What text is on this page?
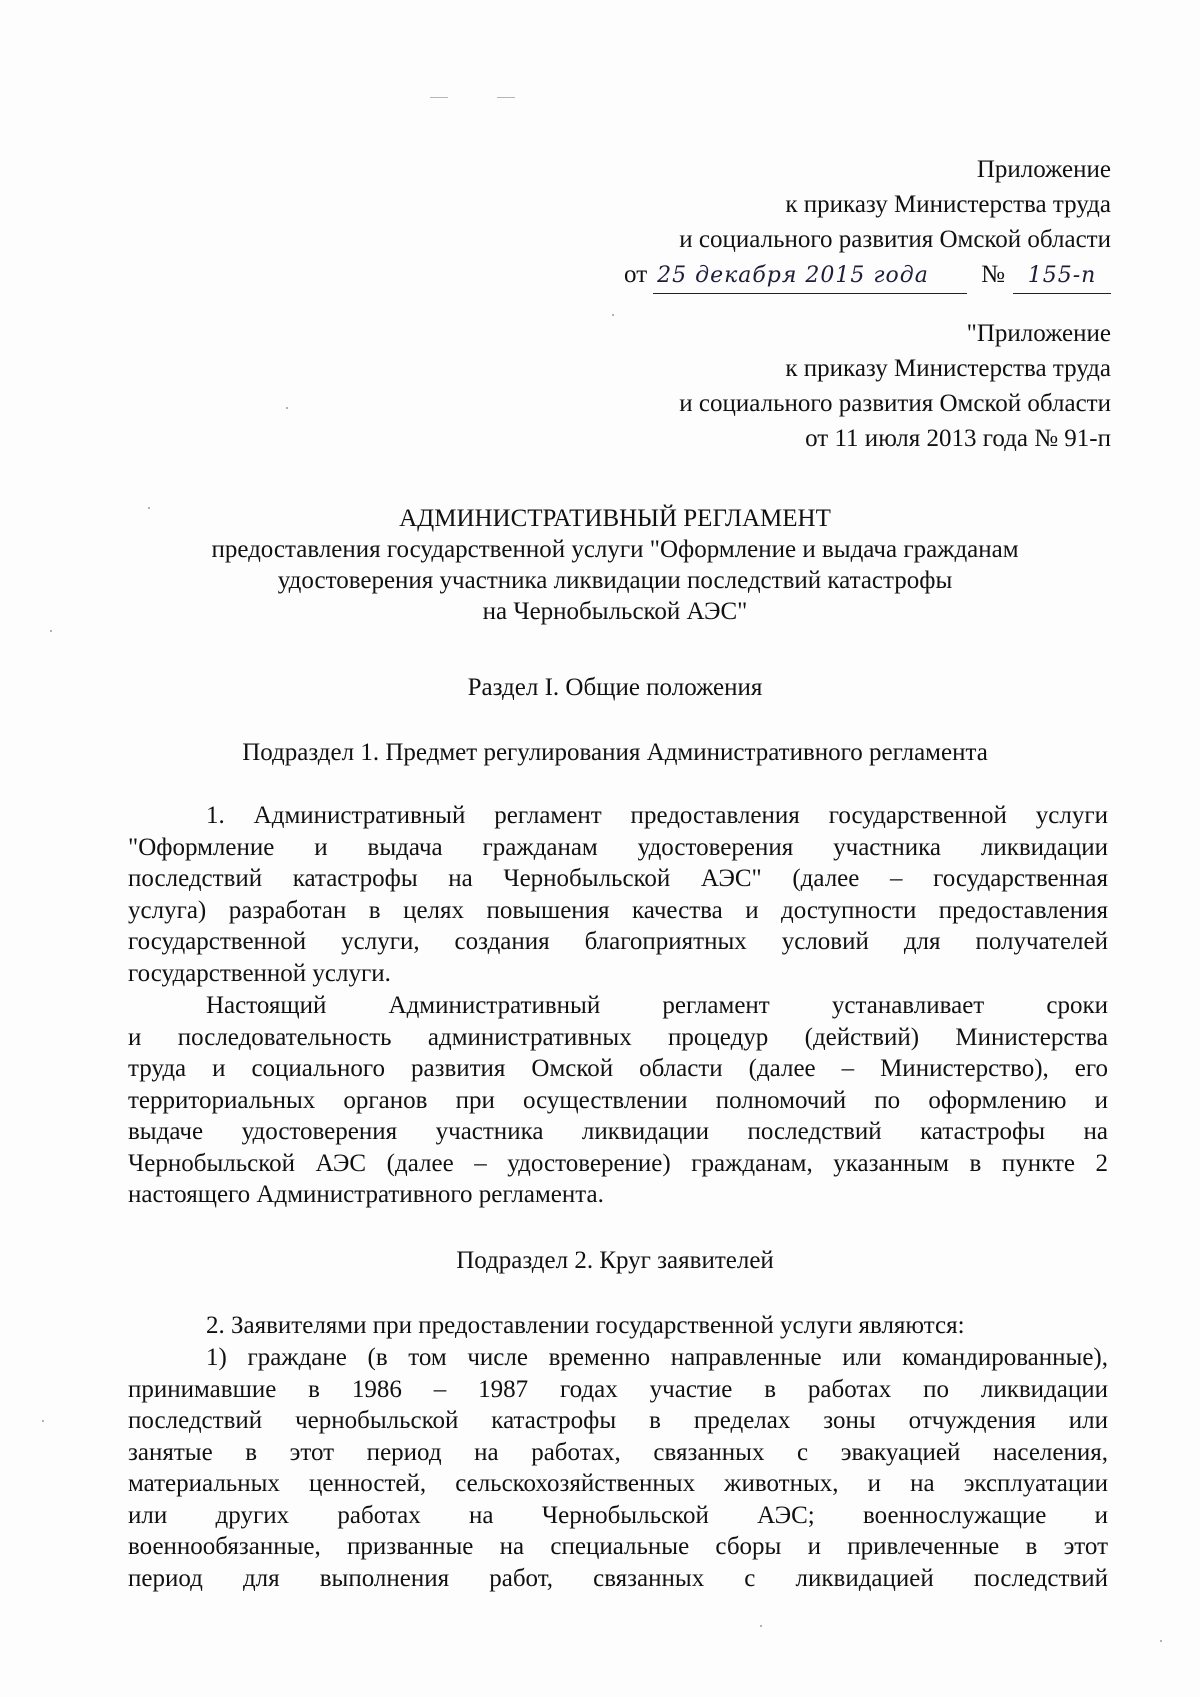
Приложение
к приказу Министерства труда
и социального развития Омской области
от 25 декабря 2015 года	№	155-п
"Приложение
к приказу Министерства труда
и социального развития Омской области
от 11 июля 2013 года № 91-п
АДМИНИСТРАТИВНЫЙ РЕГЛАМЕНТ
предоставления государственной услуги "Оформление и выдача гражданам
удостоверения участника ликвидации последствий катастрофы
на Чернобыльской АЭС"
Раздел I. Общие положения
Подраздел 1. Предмет регулирования Административного регламента
1. Административный регламент предоставления государственной услуги
"Оформление и выдача гражданам удостоверения участника ликвидации
последствий катастрофы на Чернобыльской АЭС" (далее – государственная
услуга) разработан в целях повышения качества и доступности предоставления
государственной услуги, создания благоприятных условий для получателей
государственной услуги.
Настоящий Административный регламент устанавливает сроки
и последовательность административных процедур (действий) Министерства
труда и социального развития Омской области (далее – Министерство), его
территориальных органов при осуществлении полномочий по оформлению и
выдаче удостоверения участника ликвидации последствий катастрофы на
Чернобыльской АЭС (далее – удостоверение) гражданам, указанным в пункте 2
настоящего Административного регламента.
Подраздел 2. Круг заявителей
2. Заявителями при предоставлении государственной услуги являются:
1) граждане (в том числе временно направленные или командированные),
принимавшие в 1986 – 1987 годах участие в работах по ликвидации
последствий чернобыльской катастрофы в пределах зоны отчуждения или
занятые в этот период на работах, связанных с эвакуацией населения,
материальных ценностей, сельскохозяйственных животных, и на эксплуатации
или других работах на Чернобыльской АЭС; военнослужащие и
военнообязанные, призванные на специальные сборы и привлеченные в этот
период для выполнения работ, связанных с ликвидацией последствий
